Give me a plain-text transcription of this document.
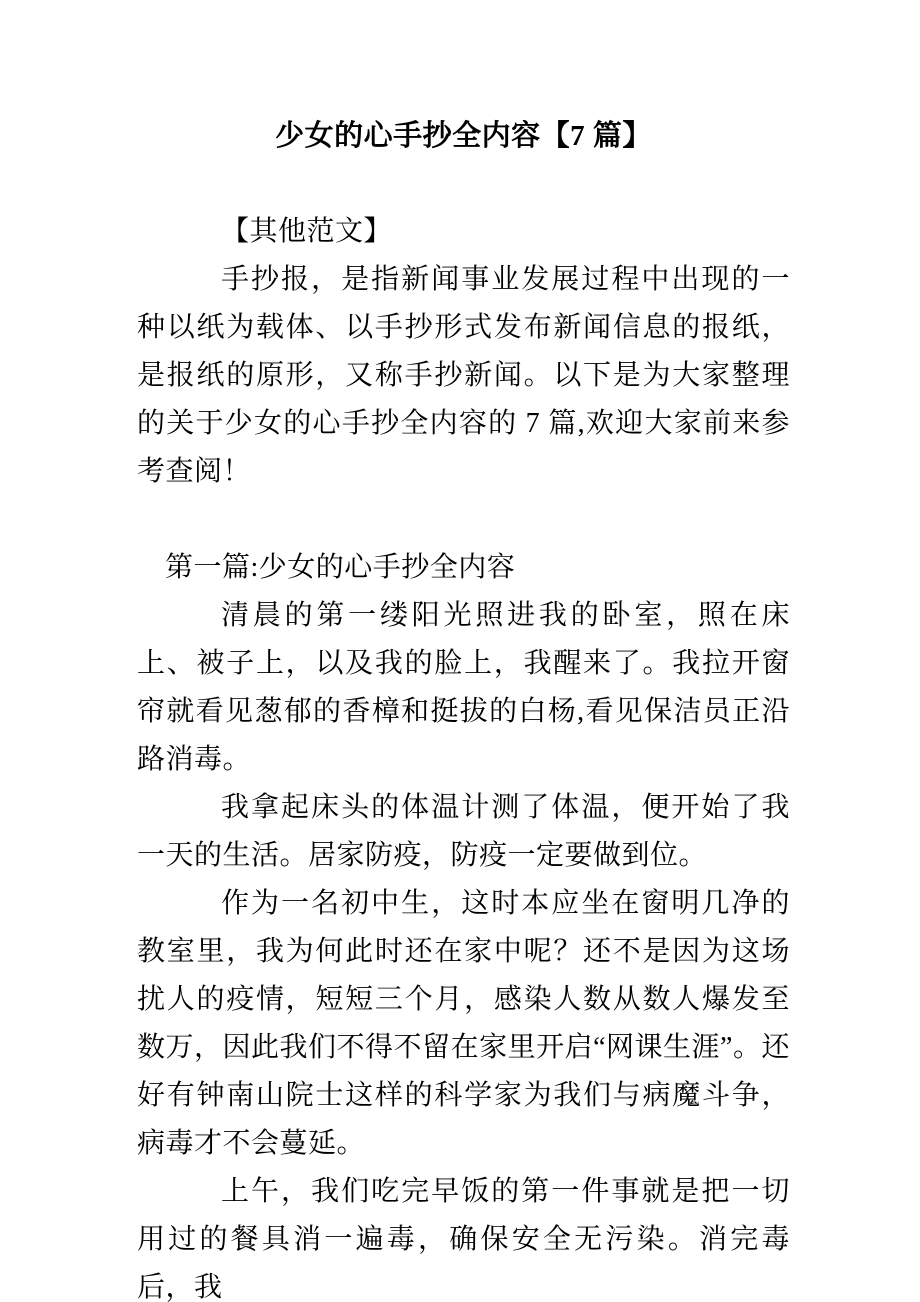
少女的心手抄全内容【7 篇】
【其他范文】
手抄报，是指新闻事业发展过程中出现的一种以纸为载体、以手抄形式发布新闻信息的报纸，是报纸的原形，又称手抄新闻。以下是为大家整理的关于少女的心手抄全内容的 7 篇,欢迎大家前来参考查阅！
第一篇:少女的心手抄全内容
清晨的第一缕阳光照进我的卧室，照在床上、被子上，以及我的脸上，我醒来了。我拉开窗帘就看见葱郁的香樟和挺拔的白杨,看见保洁员正沿路消毒。
我拿起床头的体温计测了体温，便开始了我一天的生活。居家防疫，防疫一定要做到位。
作为一名初中生，这时本应坐在窗明几净的教室里，我为何此时还在家中呢？还不是因为这场扰人的疫情，短短三个月，感染人数从数人爆发至数万，因此我们不得不留在家里开启“网课生涯”。还好有钟南山院士这样的科学家为我们与病魔斗争，病毒才不会蔓延。
上午，我们吃完早饭的第一件事就是把一切用过的餐具消一遍毒，确保安全无污染。消完毒后，我
